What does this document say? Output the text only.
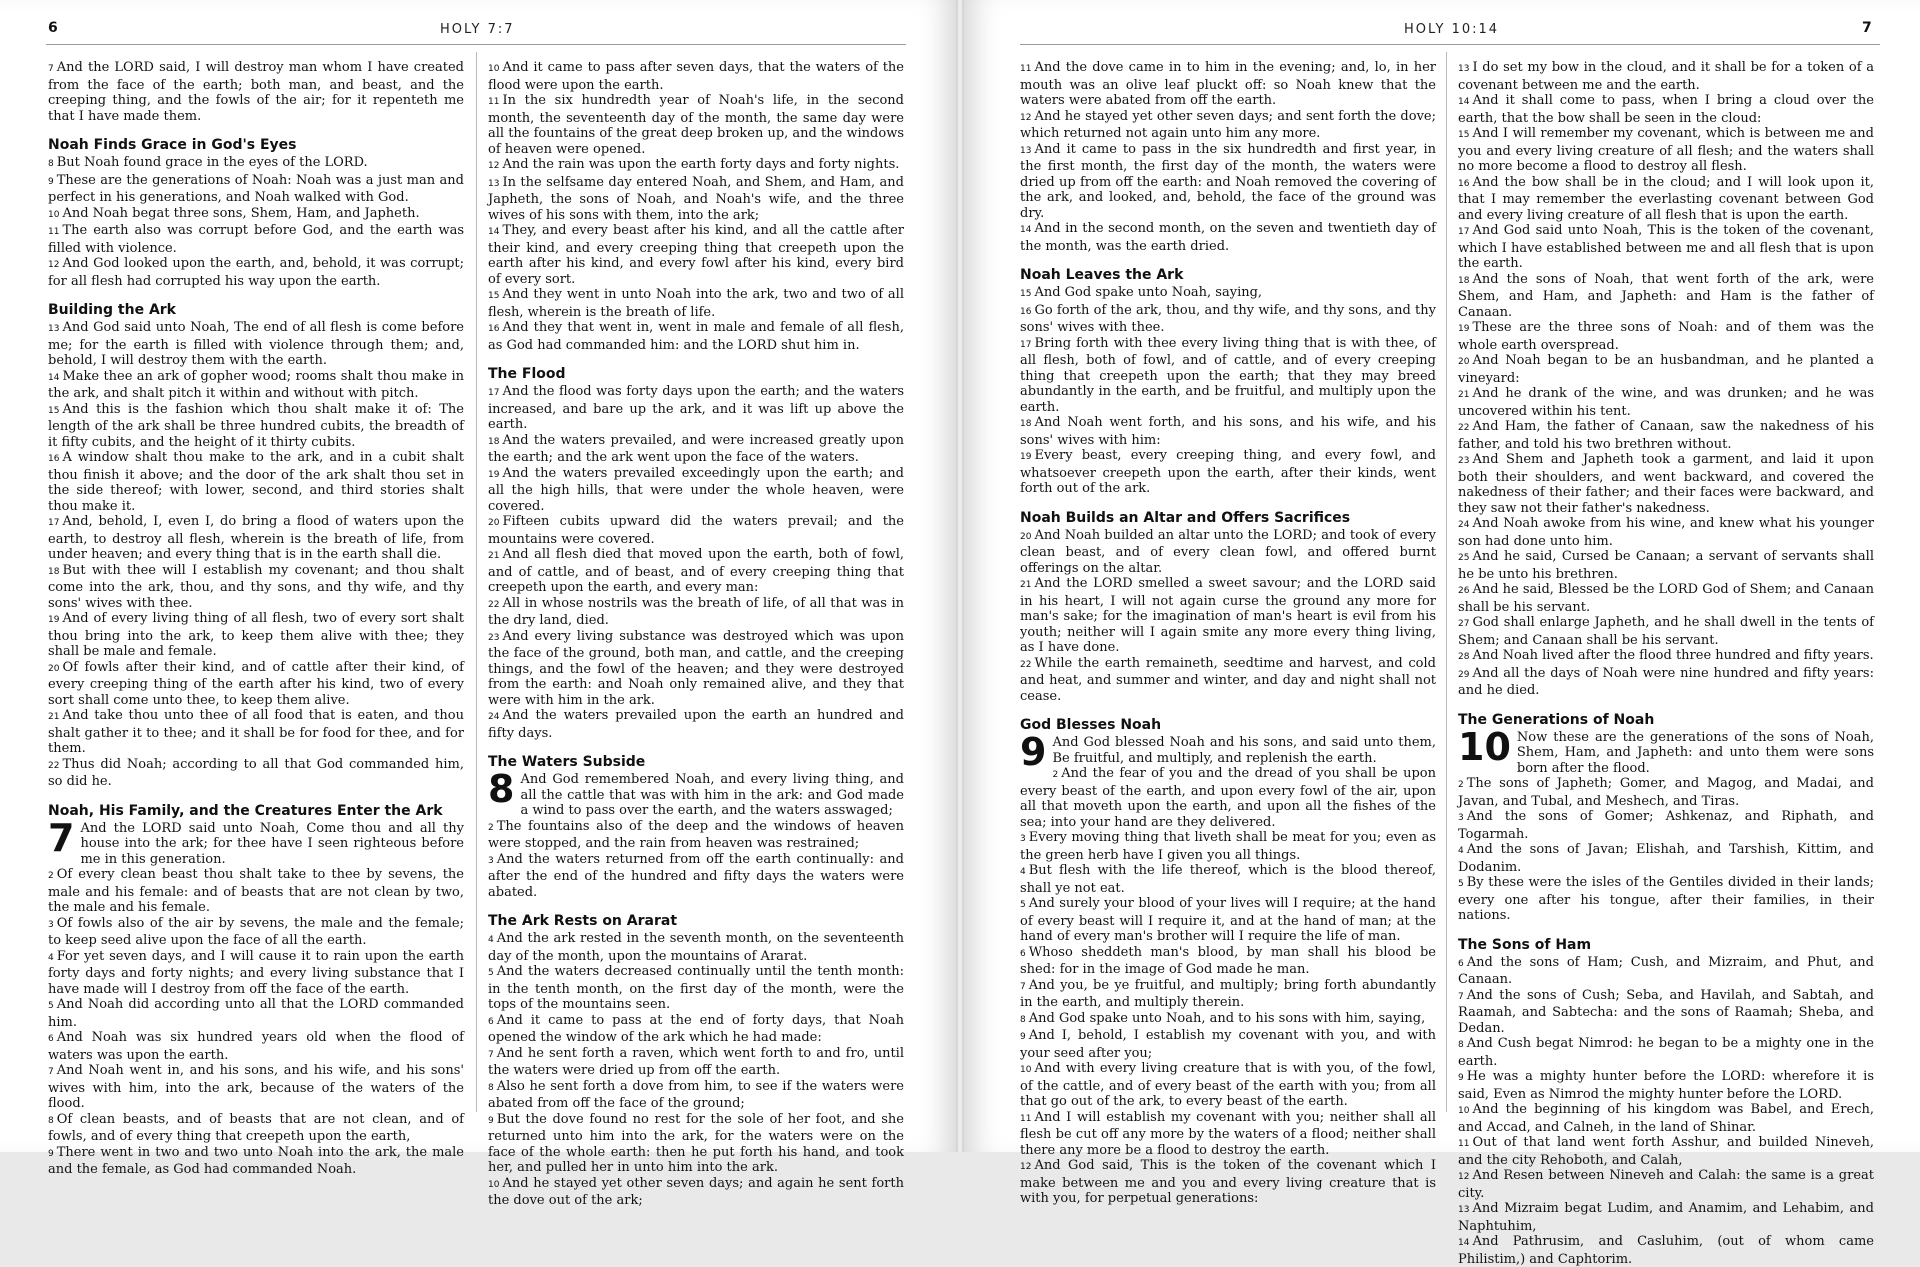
6	HOLY 7:7

7 And the LORD said, I will destroy man whom I have created from the face of the earth; both man, and beast, and the creeping thing, and the fowls of the air; for it repenteth me that I have made them.

Noah Finds Grace in God's Eyes

8 But Noah found grace in the eyes of the LORD.

9 These are the generations of Noah: Noah was a just man and perfect in his generations, and Noah walked with God.

10 And Noah begat three sons, Shem, Ham, and Japheth.

11 The earth also was corrupt before God, and the earth was filled with violence.

12 And God looked upon the earth, and, behold, it was corrupt; for all flesh had corrupted his way upon the earth.

Building the Ark

13 And God said unto Noah, The end of all flesh is come before me; for the earth is filled with violence through them; and, behold, I will destroy them with the earth.

14 Make thee an ark of gopher wood; rooms shalt thou make in the ark, and shalt pitch it within and without with pitch.

15 And this is the fashion which thou shalt make it of: The length of the ark shall be three hundred cubits, the breadth of it fifty cubits, and the height of it thirty cubits.

16 A window shalt thou make to the ark, and in a cubit shalt thou finish it above; and the door of the ark shalt thou set in the side thereof; with lower, second, and third stories shalt thou make it.

17 And, behold, I, even I, do bring a flood of waters upon the earth, to destroy all flesh, wherein is the breath of life, from under heaven; and every thing that is in the earth shall die.

18 But with thee will I establish my covenant; and thou shalt come into the ark, thou, and thy sons, and thy wife, and thy sons' wives with thee.

19 And of every living thing of all flesh, two of every sort shalt thou bring into the ark, to keep them alive with thee; they shall be male and female.

20 Of fowls after their kind, and of cattle after their kind, of every creeping thing of the earth after his kind, two of every sort shall come unto thee, to keep them alive.

21 And take thou unto thee of all food that is eaten, and thou shalt gather it to thee; and it shall be for food for thee, and for them.

22 Thus did Noah; according to all that God commanded him, so did he.

Noah, His Family, and the Creatures Enter the Ark

7 And the LORD said unto Noah, Come thou and all thy house into the ark; for thee have I seen righteous before me in this generation.

2 Of every clean beast thou shalt take to thee by sevens, the male and his female: and of beasts that are not clean by two, the male and his female.

3 Of fowls also of the air by sevens, the male and the female; to keep seed alive upon the face of all the earth.

4 For yet seven days, and I will cause it to rain upon the earth forty days and forty nights; and every living substance that I have made will I destroy from off the face of the earth.

5 And Noah did according unto all that the LORD commanded him.

6 And Noah was six hundred years old when the flood of waters was upon the earth.

7 And Noah went in, and his sons, and his wife, and his sons' wives with him, into the ark, because of the waters of the flood.

8 Of clean beasts, and of beasts that are not clean, and of fowls, and of every thing that creepeth upon the earth,

9 There went in two and two unto Noah into the ark, the male and the female, as God had commanded Noah.

10 And it came to pass after seven days, that the waters of the flood were upon the earth.

11 In the six hundredth year of Noah's life, in the second month, the seventeenth day of the month, the same day were all the fountains of the great deep broken up, and the windows of heaven were opened.

12 And the rain was upon the earth forty days and forty nights.

13 In the selfsame day entered Noah, and Shem, and Ham, and Japheth, the sons of Noah, and Noah's wife, and the three wives of his sons with them, into the ark;

14 They, and every beast after his kind, and all the cattle after their kind, and every creeping thing that creepeth upon the earth after his kind, and every fowl after his kind, every bird of every sort.

15 And they went in unto Noah into the ark, two and two of all flesh, wherein is the breath of life.

16 And they that went in, went in male and female of all flesh, as God had commanded him: and the LORD shut him in.

The Flood

17 And the flood was forty days upon the earth; and the waters increased, and bare up the ark, and it was lift up above the earth.

18 And the waters prevailed, and were increased greatly upon the earth; and the ark went upon the face of the waters.

19 And the waters prevailed exceedingly upon the earth; and all the high hills, that were under the whole heaven, were covered.

20 Fifteen cubits upward did the waters prevail; and the mountains were covered.

21 And all flesh died that moved upon the earth, both of fowl, and of cattle, and of beast, and of every creeping thing that creepeth upon the earth, and every man:

22 All in whose nostrils was the breath of life, of all that was in the dry land, died.

23 And every living substance was destroyed which was upon the face of the ground, both man, and cattle, and the creeping things, and the fowl of the heaven; and they were destroyed from the earth: and Noah only remained alive, and they that were with him in the ark.

24 And the waters prevailed upon the earth an hundred and fifty days.

The Waters Subside

8 And God remembered Noah, and every living thing, and all the cattle that was with him in the ark: and God made a wind to pass over the earth, and the waters asswaged;

2 The fountains also of the deep and the windows of heaven were stopped, and the rain from heaven was restrained;

3 And the waters returned from off the earth continually: and after the end of the hundred and fifty days the waters were abated.

The Ark Rests on Ararat

4 And the ark rested in the seventh month, on the seventeenth day of the month, upon the mountains of Ararat.

5 And the waters decreased continually until the tenth month: in the tenth month, on the first day of the month, were the tops of the mountains seen.

6 And it came to pass at the end of forty days, that Noah opened the window of the ark which he had made:

7 And he sent forth a raven, which went forth to and fro, until the waters were dried up from off the earth.

8 Also he sent forth a dove from him, to see if the waters were abated from off the face of the ground;

9 But the dove found no rest for the sole of her foot, and she returned unto him into the ark, for the waters were on the face of the whole earth: then he put forth his hand, and took her, and pulled her in unto him into the ark.

10 And he stayed yet other seven days; and again he sent forth the dove out of the ark;

HOLY 10:14	7

11 And the dove came in to him in the evening; and, lo, in her mouth was an olive leaf pluckt off: so Noah knew that the waters were abated from off the earth.

12 And he stayed yet other seven days; and sent forth the dove; which returned not again unto him any more.

13 And it came to pass in the six hundredth and first year, in the first month, the first day of the month, the waters were dried up from off the earth: and Noah removed the covering of the ark, and looked, and, behold, the face of the ground was dry.

14 And in the second month, on the seven and twentieth day of the month, was the earth dried.

Noah Leaves the Ark

15 And God spake unto Noah, saying,

16 Go forth of the ark, thou, and thy wife, and thy sons, and thy sons' wives with thee.

17 Bring forth with thee every living thing that is with thee, of all flesh, both of fowl, and of cattle, and of every creeping thing that creepeth upon the earth; that they may breed abundantly in the earth, and be fruitful, and multiply upon the earth.

18 And Noah went forth, and his sons, and his wife, and his sons' wives with him:

19 Every beast, every creeping thing, and every fowl, and whatsoever creepeth upon the earth, after their kinds, went forth out of the ark.

Noah Builds an Altar and Offers Sacrifices

20 And Noah builded an altar unto the LORD; and took of every clean beast, and of every clean fowl, and offered burnt offerings on the altar.

21 And the LORD smelled a sweet savour; and the LORD said in his heart, I will not again curse the ground any more for man's sake; for the imagination of man's heart is evil from his youth; neither will I again smite any more every thing living, as I have done.

22 While the earth remaineth, seedtime and harvest, and cold and heat, and summer and winter, and day and night shall not cease.

God Blesses Noah

9 And God blessed Noah and his sons, and said unto them, Be fruitful, and multiply, and replenish the earth.

2 And the fear of you and the dread of you shall be upon every beast of the earth, and upon every fowl of the air, upon all that moveth upon the earth, and upon all the fishes of the sea; into your hand are they delivered.

3 Every moving thing that liveth shall be meat for you; even as the green herb have I given you all things.

4 But flesh with the life thereof, which is the blood thereof, shall ye not eat.

5 And surely your blood of your lives will I require; at the hand of every beast will I require it, and at the hand of man; at the hand of every man's brother will I require the life of man.

6 Whoso sheddeth man's blood, by man shall his blood be shed: for in the image of God made he man.

7 And you, be ye fruitful, and multiply; bring forth abundantly in the earth, and multiply therein.

8 And God spake unto Noah, and to his sons with him, saying,

9 And I, behold, I establish my covenant with you, and with your seed after you;

10 And with every living creature that is with you, of the fowl, of the cattle, and of every beast of the earth with you; from all that go out of the ark, to every beast of the earth.

11 And I will establish my covenant with you; neither shall all flesh be cut off any more by the waters of a flood; neither shall there any more be a flood to destroy the earth.

12 And God said, This is the token of the covenant which I make between me and you and every living creature that is with you, for perpetual generations:

13 I do set my bow in the cloud, and it shall be for a token of a covenant between me and the earth.

14 And it shall come to pass, when I bring a cloud over the earth, that the bow shall be seen in the cloud:

15 And I will remember my covenant, which is between me and you and every living creature of all flesh; and the waters shall no more become a flood to destroy all flesh.

16 And the bow shall be in the cloud; and I will look upon it, that I may remember the everlasting covenant between God and every living creature of all flesh that is upon the earth.

17 And God said unto Noah, This is the token of the covenant, which I have established between me and all flesh that is upon the earth.

18 And the sons of Noah, that went forth of the ark, were Shem, and Ham, and Japheth: and Ham is the father of Canaan.

19 These are the three sons of Noah: and of them was the whole earth overspread.

20 And Noah began to be an husbandman, and he planted a vineyard:

21 And he drank of the wine, and was drunken; and he was uncovered within his tent.

22 And Ham, the father of Canaan, saw the nakedness of his father, and told his two brethren without.

23 And Shem and Japheth took a garment, and laid it upon both their shoulders, and went backward, and covered the nakedness of their father; and their faces were backward, and they saw not their father's nakedness.

24 And Noah awoke from his wine, and knew what his younger son had done unto him.

25 And he said, Cursed be Canaan; a servant of servants shall he be unto his brethren.

26 And he said, Blessed be the LORD God of Shem; and Canaan shall be his servant.

27 God shall enlarge Japheth, and he shall dwell in the tents of Shem; and Canaan shall be his servant.

28 And Noah lived after the flood three hundred and fifty years.

29 And all the days of Noah were nine hundred and fifty years: and he died.

The Generations of Noah

10 Now these are the generations of the sons of Noah, Shem, Ham, and Japheth: and unto them were sons born after the flood.

2 The sons of Japheth; Gomer, and Magog, and Madai, and Javan, and Tubal, and Meshech, and Tiras.

3 And the sons of Gomer; Ashkenaz, and Riphath, and Togarmah.

4 And the sons of Javan; Elishah, and Tarshish, Kittim, and Dodanim.

5 By these were the isles of the Gentiles divided in their lands; every one after his tongue, after their families, in their nations.

The Sons of Ham

6 And the sons of Ham; Cush, and Mizraim, and Phut, and Canaan.

7 And the sons of Cush; Seba, and Havilah, and Sabtah, and Raamah, and Sabtecha: and the sons of Raamah; Sheba, and Dedan.

8 And Cush begat Nimrod: he began to be a mighty one in the earth.

9 He was a mighty hunter before the LORD: wherefore it is said, Even as Nimrod the mighty hunter before the LORD.

10 And the beginning of his kingdom was Babel, and Erech, and Accad, and Calneh, in the land of Shinar.

11 Out of that land went forth Asshur, and builded Nineveh, and the city Rehoboth, and Calah,

12 And Resen between Nineveh and Calah: the same is a great city.

13 And Mizraim begat Ludim, and Anamim, and Lehabim, and Naphtuhim,

14 And Pathrusim, and Casluhim, (out of whom came Philistim,) and Caphtorim.
